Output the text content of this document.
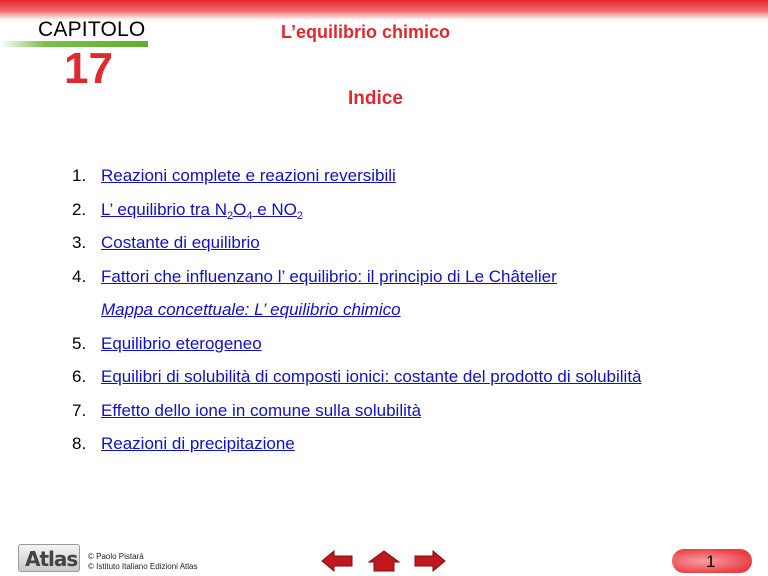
CAPITOLO
17
L’equilibrio chimico
Indice
1. Reazioni complete e reazioni reversibili
2. L’ equilibrio tra $N_2O_4$ e $NO_2$
3. Costante di equilibrio
4. Fattori che influenzano l’ equilibrio: il principio di Le Châtelier
Mappa concettuale: L’ equilibrio chimico
5. Equilibrio eterogeneo
6. Equilibri di solubilità di composti ionici: costante del prodotto di solubilità
7. Effetto dello ione in comune sulla solubilità
8. Reazioni di precipitazione
Atlas © Paolo Pistarà
© Istituto Italiano Edizioni Atlas	1
